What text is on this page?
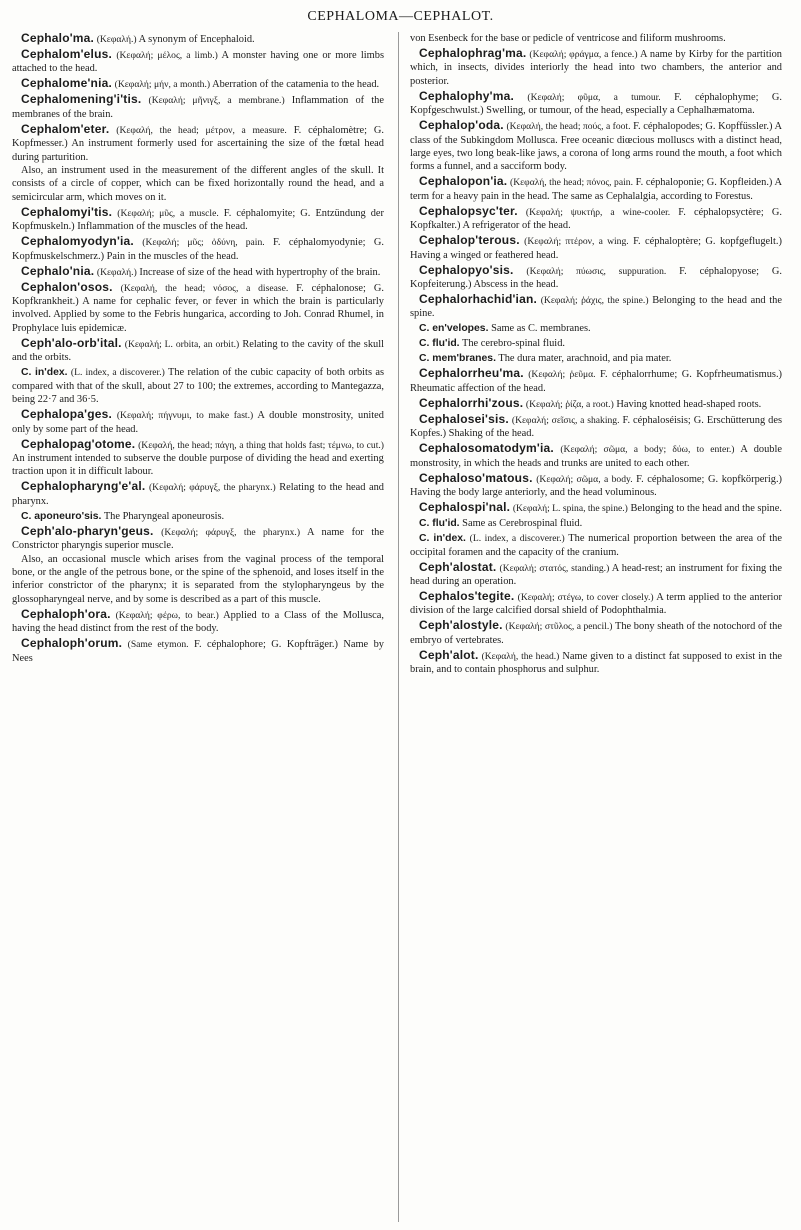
CEPHALOMA—CEPHALOT.

Cephalo'ma. (Κεφαλή.) A synonym of Encephaloid.

Cephalom'elus. (Κεφαλή; μέλος, a limb.) A monster having one or more limbs attached to the head.

Cephalome'nia. (Κεφαλή; μήν, a month.) Aberration of the catamenia to the head.

Cephalomening'i'tis. (Κεφαλή; μῆνιγξ, a membrane.) Inflammation of the membranes of the brain.

Cephalom'eter. (Κεφαλή, the head; μέτρον, a measure. F. céphalomètre; G. Kopfmesser.) An instrument formerly used for ascertaining the size of the fœtal head during parturition.
Also, an instrument used in the measurement of the different angles of the skull. It consists of a circle of copper, which can be fixed horizontally round the head, and a semicircular arm, which moves on it.

Cephalomyi'tis. (Κεφαλή; μῦς, a muscle. F. céphalomyite; G. Entzündung der Kopfmuskeln.) Inflammation of the muscles of the head.

Cephalomyodyn'ia. (Κεφαλή; μῦς; ὀδύνη, pain. F. céphalomyodynie; G. Kopfmuskelschmerz.) Pain in the muscles of the head.

Cephalo'nia. (Κεφαλή.) Increase of size of the head with hypertrophy of the brain.

Cephalon'osos. (Κεφαλή, the head; νόσος, a disease. F. céphalonose; G. Kopfkrankheit.) A name for cephalic fever, or fever in which the brain is particularly involved. Applied by some to the Febris hungarica, according to Joh. Conrad Rhumel, in Prophylace luis epidemicæ.

Ceph'alo-orb'ital. (Κεφαλή; L. orbita, an orbit.) Relating to the cavity of the skull and the orbits.

C. in'dex. (L. index, a discoverer.) The relation of the cubic capacity of both orbits as compared with that of the skull, about 27 to 100; the extremes, according to Mantegazza, being 22·7 and 36·5.

Cephalopa'ges. (Κεφαλή; πήγνυμι, to make fast.) A double monstrosity, united only by some part of the head.

Cephalopag'otome. (Κεφαλή, the head; πάγη, a thing that holds fast; τέμνω, to cut.) An instrument intended to subserve the double purpose of dividing the head and exerting traction upon it in difficult labour.

Cephalopharyng'e'al. (Κεφαλή; φάρυγξ, the pharynx.) Relating to the head and pharynx.

C. aponeuro'sis. The Pharyngeal aponeurosis.

Ceph'alo-pharyn'geus. (Κεφαλή; φάρυγξ, the pharynx.) A name for the Constrictor pharyngis superior muscle.
Also, an occasional muscle which arises from the vaginal process of the temporal bone, or the angle of the petrous bone, or the spine of the sphenoid, and loses itself in the inferior constrictor of the pharynx; it is separated from the stylopharyngeus by the glossopharyngeal nerve, and by some is described as a part of this muscle.

Cephaloph'ora. (Κεφαλή; φέρω, to bear.) Applied to a Class of the Mollusca, having the head distinct from the rest of the body.

Cephaloph'orum. (Same etymon. F. céphalophore; G. Kopfträger.) Name by Nees

von Esenbeck for the base or pedicle of ventricose and filiform mushrooms.

Cephalophrag'ma. (Κεφαλή; φράγμα, a fence.) A name by Kirby for the partition which, in insects, divides interiorly the head into two chambers, the anterior and posterior.

Cephalophy'ma. (Κεφαλή; φῦμα, a tumour. F. céphalophyme; G. Kopfgeschwulst.) Swelling, or tumour, of the head, especially a Cephalhæmatoma.

Cephalop'oda. (Κεφαλή, the head; πούς, a foot. F. céphalopodes; G. Kopffüssler.) A class of the Subkingdom Mollusca. Free oceanic diœcious molluscs with a distinct head, large eyes, two long beak-like jaws, a corona of long arms round the mouth, a foot which forms a funnel, and a sacciform body.

Cephalopon'ia. (Κεφαλή, the head; πόνος, pain. F. céphaloponie; G. Kopfleiden.) A term for a heavy pain in the head. The same as Cephalalgia, according to Forestus.

Cephalopsyc'ter. (Κεφαλή; ψυκτήρ, a wine-cooler. F. céphalopsyctère; G. Kopfkalter.) A refrigerator of the head.

Cephalop'terous. (Κεφαλή; πτέρον, a wing. F. céphaloptère; G. kopfgeflugelt.) Having a winged or feathered head.

Cephalopyo'sis. (Κεφαλή; πύωσις, suppuration. F. céphalopyose; G. Kopfeiterung.) Abscess in the head.

Cephalorhachid'ian. (Κεφαλή; ῥάχις, the spine.) Belonging to the head and the spine.

C. en'velopes. Same as C. membranes.

C. flu'id. The cerebro-spinal fluid.

C. mem'branes. The dura mater, arachnoid, and pia mater.

Cephalorrheu'ma. (Κεφαλή; ῥεῦμα. F. céphalorrhume; G. Kopfrheumatismus.) Rheumatic affection of the head.

Cephalorrhi'zous. (Κεφαλή; ῥίζα, a root.) Having knotted head-shaped roots.

Cephalosei'sis. (Κεφαλή; σεῖσις, a shaking. F. céphaloséisis; G. Erschütterung des Kopfes.) Shaking of the head.

Cephalosomatodym'ia. (Κεφαλή; σῶμα, a body; δύω, to enter.) A double monstrosity, in which the heads and trunks are united to each other.

Cephaloso'matous. (Κεφαλή; σῶμα, a body. F. céphalosome; G. kopfkörperig.) Having the body large anteriorly, and the head voluminous.

Cephalospi'nal. (Κεφαλή; L. spina, the spine.) Belonging to the head and the spine.

C. flu'id. Same as Cerebrospinal fluid.

C. in'dex. (L. index, a discoverer.) The numerical proportion between the area of the occipital foramen and the capacity of the cranium.

Ceph'alostat. (Κεφαλή; στατός, standing.) A head-rest; an instrument for fixing the head during an operation.

Cephalos'tegite. (Κεφαλή; στέγω, to cover closely.) A term applied to the anterior division of the large calcified dorsal shield of Podophthalmia.

Ceph'alostyle. (Κεφαλή; στῦλος, a pencil.) The bony sheath of the notochord of the embryo of vertebrates.

Ceph'alot. (Κεφαλή, the head.) Name given to a distinct fat supposed to exist in the brain, and to contain phosphorus and sulphur.
